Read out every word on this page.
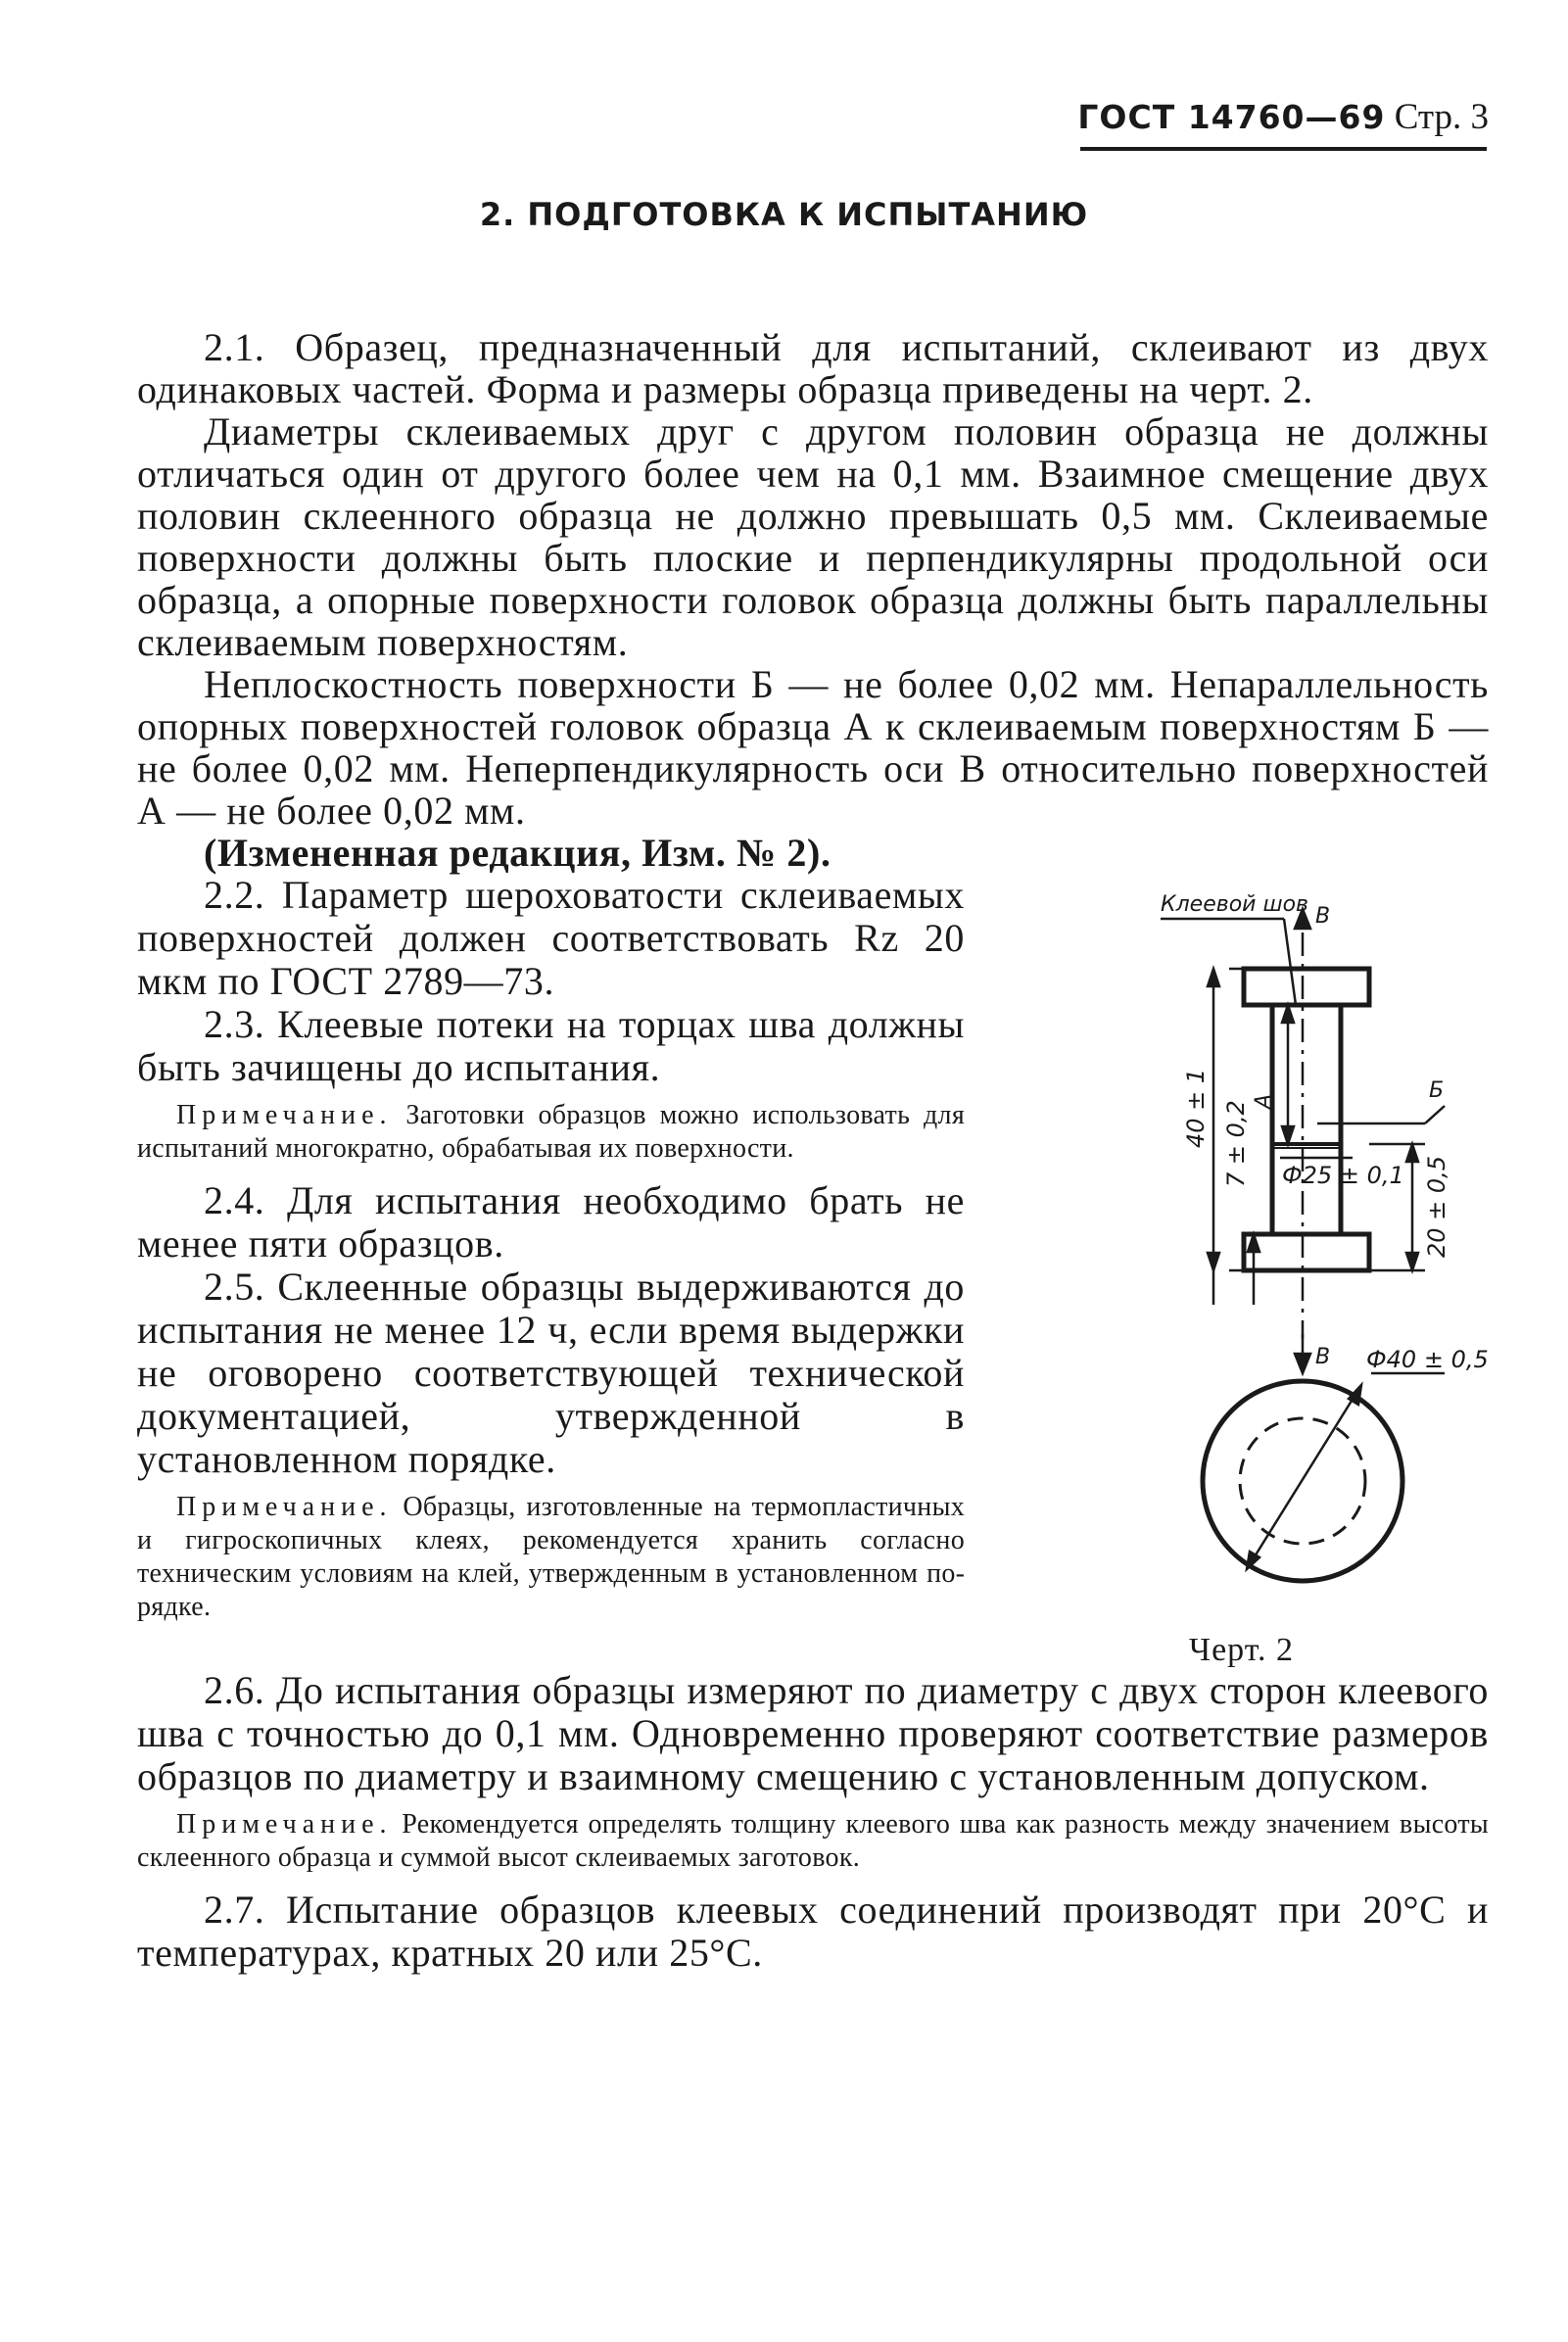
ГОСТ 14760—69 Стр. 3
2. ПОДГОТОВКА К ИСПЫТАНИЮ

2.1. Образец, предназначенный для испытаний, склеивают из двух одинаковых частей. Форма и размеры образца приведены на черт. 2.

Диаметры склеиваемых друг с другом половин образца не должны отличаться один от другого более чем на 0,1 мм. Взаимное смещение двух половин склеенного образца не должно превышать 0,5 мм. Склеиваемые поверхности должны быть плоские и перпендикулярны продольной оси образца, а опорные поверхности головок образца должны быть параллельны склеиваемым поверхностям.

Неплоскостность поверхности Б — не более 0,02 мм. Непараллельность опорных поверхностей головок образца А к склеиваемым поверхностям Б — не более 0,02 мм. Неперпендикулярность оси В относительно поверхностей А — не более 0,02 мм.

(Измененная редакция, Изм. № 2).

2.2. Параметр шероховатости склеиваемых поверхностей должен соответствовать Rz 20 мкм по ГОСТ 2789—73.

2.3. Клеевые потеки на торцах шва должны быть зачищены до испытания.

Примечание. Заготовки образцов можно использовать для испытаний многократно, обрабатывая их поверхности.

2.4. Для испытания необходимо брать не менее пяти образцов.

2.5. Склеенные образцы выдерживаются до испытания не менее 12 ч, если время выдержки не оговорено соответствующей технической документацией, утвержденной в установленном порядке.

Примечание. Образцы, изготовленные на термопластичных и гигроскопичных клеях, рекомендуется хранить согласно техническим условиям на клей, утвержденным в установленном порядке.

Клеевой шов В
В
Б
А
40 ± 1 7 ± 0,2
20 ± 0,5
Ф25 ± 0,1
Ф40 ± 0,5
Черт. 2

2.6. До испытания образцы измеряют по диаметру с двух сторон клеевого шва с точностью до 0,1 мм. Одновременно проверяют соответствие размеров образцов по диаметру и взаимному смещению с установленным допуском.

Примечание. Рекомендуется определять толщину клеевого шва как разность между значением высоты склеенного образца и суммой высот склеиваемых заготовок.

2.7. Испытание образцов клеевых соединений производят при 20°С и температурах, кратных 20 или 25°С.
